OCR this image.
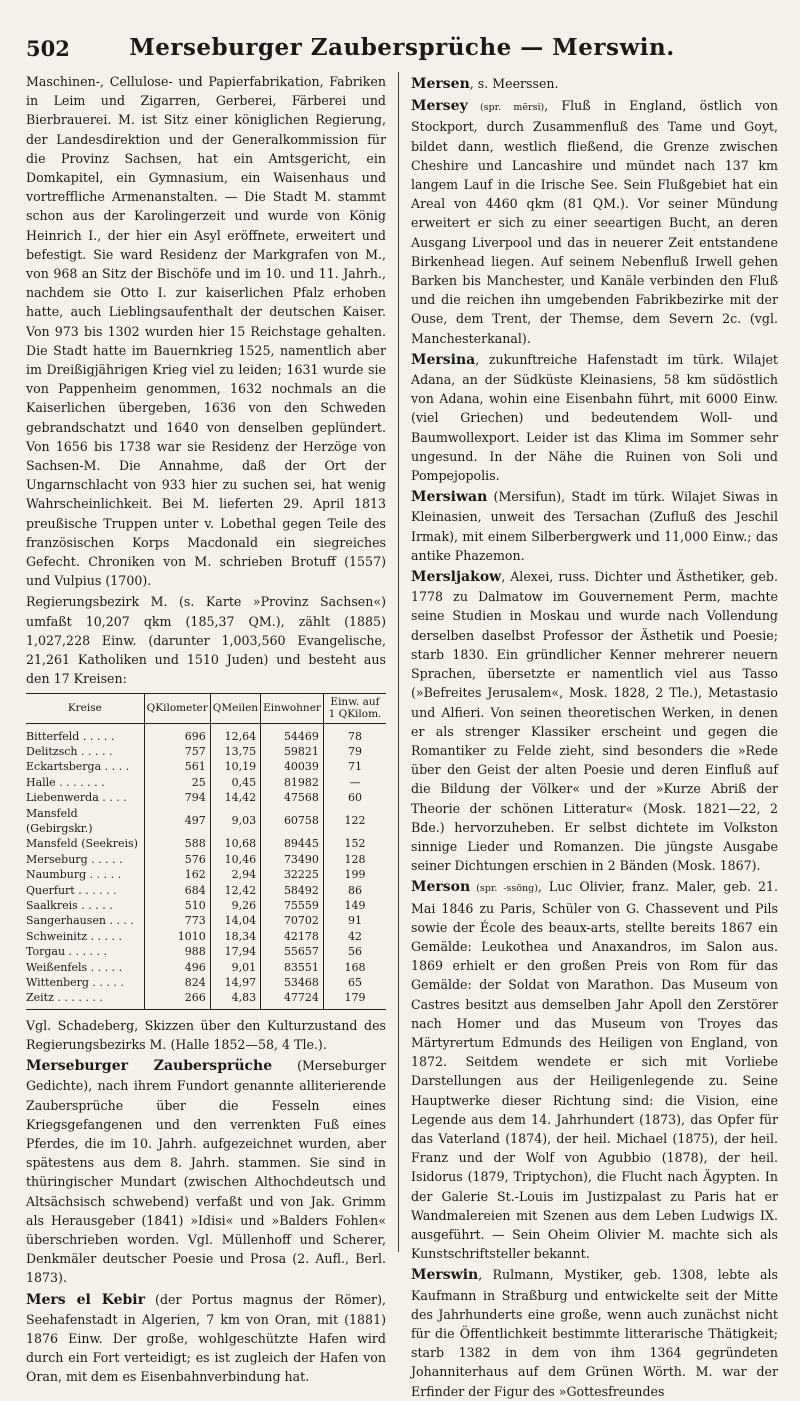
502	Merseburger Zaubersprüche — Merswin.

Maschinen-, Cellulose- und Papierfabrikation, Fabriken in Leim und Zigarren, Gerberei, Färberei und Bierbrauerei. M. ist Sitz einer königlichen Regierung, der Landesdirektion und der Generalkommission für die Provinz Sachsen, hat ein Amtsgericht, ein Domkapitel, ein Gymnasium, ein Waisenhaus und vortreffliche Armenanstalten. — Die Stadt M. stammt schon aus der Karolingerzeit und wurde von König Heinrich I., der hier ein Asyl eröffnete, erweitert und befestigt. Sie ward Residenz der Markgrafen von M., von 968 an Sitz der Bischöfe und im 10. und 11. Jahrh., nachdem sie Otto I. zur kaiserlichen Pfalz erhoben hatte, auch Lieblingsaufenthalt der deutschen Kaiser. Von 973 bis 1302 wurden hier 15 Reichstage gehalten. Die Stadt hatte im Bauernkrieg 1525, namentlich aber im Dreißigjährigen Krieg viel zu leiden; 1631 wurde sie von Pappenheim genommen, 1632 nochmals an die Kaiserlichen übergeben, 1636 von den Schweden gebrandschatzt und 1640 von denselben geplündert. Von 1656 bis 1738 war sie Residenz der Herzöge von Sachsen-M. Die Annahme, daß der Ort der Ungarnschlacht von 933 hier zu suchen sei, hat wenig Wahrscheinlichkeit. Bei M. lieferten 29. April 1813 preußische Truppen unter v. Lobethal gegen Teile des französischen Korps Macdonald ein siegreiches Gefecht. Chroniken von M. schrieben Brotuff (1557) und Vulpius (1700).

Regierungsbezirk M. (s. Karte »Provinz Sachsen«) umfaßt 10,207 qkm (185,37 QM.), zählt (1885) 1,027,228 Einw. (darunter 1,003,560 Evangelische, 21,261 Katholiken und 1510 Juden) und besteht aus den 17 Kreisen:

Kreise	QKilometer	QMeilen	Einwohner	Einw. auf 1 QKilom.
Bitterfeld . . . . .	696	12,64	54469	78
Delitzsch . . . . .	757	13,75	59821	79
Eckartsberga . . . .	561	10,19	40039	71
Halle . . . . . . .	25	0,45	81982	—
Liebenwerda . . . .	794	14,42	47568	60
Mansfeld (Gebirgskr.)	497	9,03	60758	122
Mansfeld (Seekreis)	588	10,68	89445	152
Merseburg . . . . .	576	10,46	73490	128
Naumburg . . . . .	162	2,94	32225	199
Querfurt . . . . . .	684	12,42	58492	86
Saalkreis . . . . .	510	9,26	75559	149
Sangerhausen . . . .	773	14,04	70702	91
Schweinitz . . . . .	1010	18,34	42178	42
Torgau . . . . . .	988	17,94	55657	56
Weißenfels . . . . .	496	9,01	83551	168
Wittenberg . . . . .	824	14,97	53468	65
Zeitz . . . . . . .	266	4,83	47724	179

Vgl. Schadeberg, Skizzen über den Kulturzustand des Regierungsbezirks M. (Halle 1852—58, 4 Tle.).

Merseburger Zaubersprüche (Merseburger Gedichte), nach ihrem Fundort genannte alliterierende Zaubersprüche über die Fesseln eines Kriegsgefangenen und den verrenkten Fuß eines Pferdes, die im 10. Jahrh. aufgezeichnet wurden, aber spätestens aus dem 8. Jahrh. stammen. Sie sind in thüringischer Mundart (zwischen Althochdeutsch und Altsächsisch schwebend) verfaßt und von Jak. Grimm als Herausgeber (1841) »Idisi« und »Balders Fohlen« überschrieben worden. Vgl. Müllenhoff und Scherer, Denkmäler deutscher Poesie und Prosa (2. Aufl., Berl. 1873).

Mers el Kebir (der Portus magnus der Römer), Seehafenstadt in Algerien, 7 km von Oran, mit (1881) 1876 Einw. Der große, wohlgeschützte Hafen wird durch ein Fort verteidigt; es ist zugleich der Hafen von Oran, mit dem es Eisenbahnverbindung hat.

Mersen, s. Meerssen.

Mersey (spr. mērsi), Fluß in England, östlich von Stockport, durch Zusammenfluß des Tame und Goyt, bildet dann, westlich fließend, die Grenze zwischen Cheshire und Lancashire und mündet nach 137 km langem Lauf in die Irische See. Sein Flußgebiet hat ein Areal von 4460 qkm (81 QM.). Vor seiner Mündung erweitert er sich zu einer seeartigen Bucht, an deren Ausgang Liverpool und das in neuerer Zeit entstandene Birkenhead liegen. Auf seinem Nebenfluß Irwell gehen Barken bis Manchester, und Kanäle verbinden den Fluß und die reichen ihn umgebenden Fabrikbezirke mit der Ouse, dem Trent, der Themse, dem Severn 2c. (vgl. Manchesterkanal).

Mersina, zukunftreiche Hafenstadt im türk. Wilajet Adana, an der Südküste Kleinasiens, 58 km südöstlich von Adana, wohin eine Eisenbahn führt, mit 6000 Einw. (viel Griechen) und bedeutendem Woll- und Baumwollexport. Leider ist das Klima im Sommer sehr ungesund. In der Nähe die Ruinen von Soli und Pompejopolis.

Mersiwan (Mersifun), Stadt im türk. Wilajet Siwas in Kleinasien, unweit des Tersachan (Zufluß des Jeschil Irmak), mit einem Silberbergwerk und 11,000 Einw.; das antike Phazemon.

Mersljakow, Alexei, russ. Dichter und Ästhetiker, geb. 1778 zu Dalmatow im Gouvernement Perm, machte seine Studien in Moskau und wurde nach Vollendung derselben daselbst Professor der Ästhetik und Poesie; starb 1830. Ein gründlicher Kenner mehrerer neuern Sprachen, übersetzte er namentlich viel aus Tasso (»Befreites Jerusalem«, Mosk. 1828, 2 Tle.), Metastasio und Alfieri. Von seinen theoretischen Werken, in denen er als strenger Klassiker erscheint und gegen die Romantiker zu Felde zieht, sind besonders die »Rede über den Geist der alten Poesie und deren Einfluß auf die Bildung der Völker« und der »Kurze Abriß der Theorie der schönen Litteratur« (Mosk. 1821—22, 2 Bde.) hervorzuheben. Er selbst dichtete im Volkston sinnige Lieder und Romanzen. Die jüngste Ausgabe seiner Dichtungen erschien in 2 Bänden (Mosk. 1867).

Merson (spr. -ssöng), Luc Olivier, franz. Maler, geb. 21. Mai 1846 zu Paris, Schüler von G. Chassevent und Pils sowie der École des beaux-arts, stellte bereits 1867 ein Gemälde: Leukothea und Anaxandros, im Salon aus. 1869 erhielt er den großen Preis von Rom für das Gemälde: der Soldat von Marathon. Das Museum von Castres besitzt aus demselben Jahr Apoll den Zerstörer nach Homer und das Museum von Troyes das Märtyrertum Edmunds des Heiligen von England, von 1872. Seitdem wendete er sich mit Vorliebe Darstellungen aus der Heiligenlegende zu. Seine Hauptwerke dieser Richtung sind: die Vision, eine Legende aus dem 14. Jahrhundert (1873), das Opfer für das Vaterland (1874), der heil. Michael (1875), der heil. Franz und der Wolf von Agubbio (1878), der heil. Isidorus (1879, Triptychon), die Flucht nach Ägypten. In der Galerie St.-Louis im Justizpalast zu Paris hat er Wandmalereien mit Szenen aus dem Leben Ludwigs IX. ausgeführt. — Sein Oheim Olivier M. machte sich als Kunstschriftsteller bekannt.

Merswin, Rulmann, Mystiker, geb. 1308, lebte als Kaufmann in Straßburg und entwickelte seit der Mitte des Jahrhunderts eine große, wenn auch zunächst nicht für die Öffentlichkeit bestimmte litterarische Thätigkeit; starb 1382 in dem von ihm 1364 gegründeten Johanniterhaus auf dem Grünen Wörth. M. war der Erfinder der Figur des »Gottesfreundes
